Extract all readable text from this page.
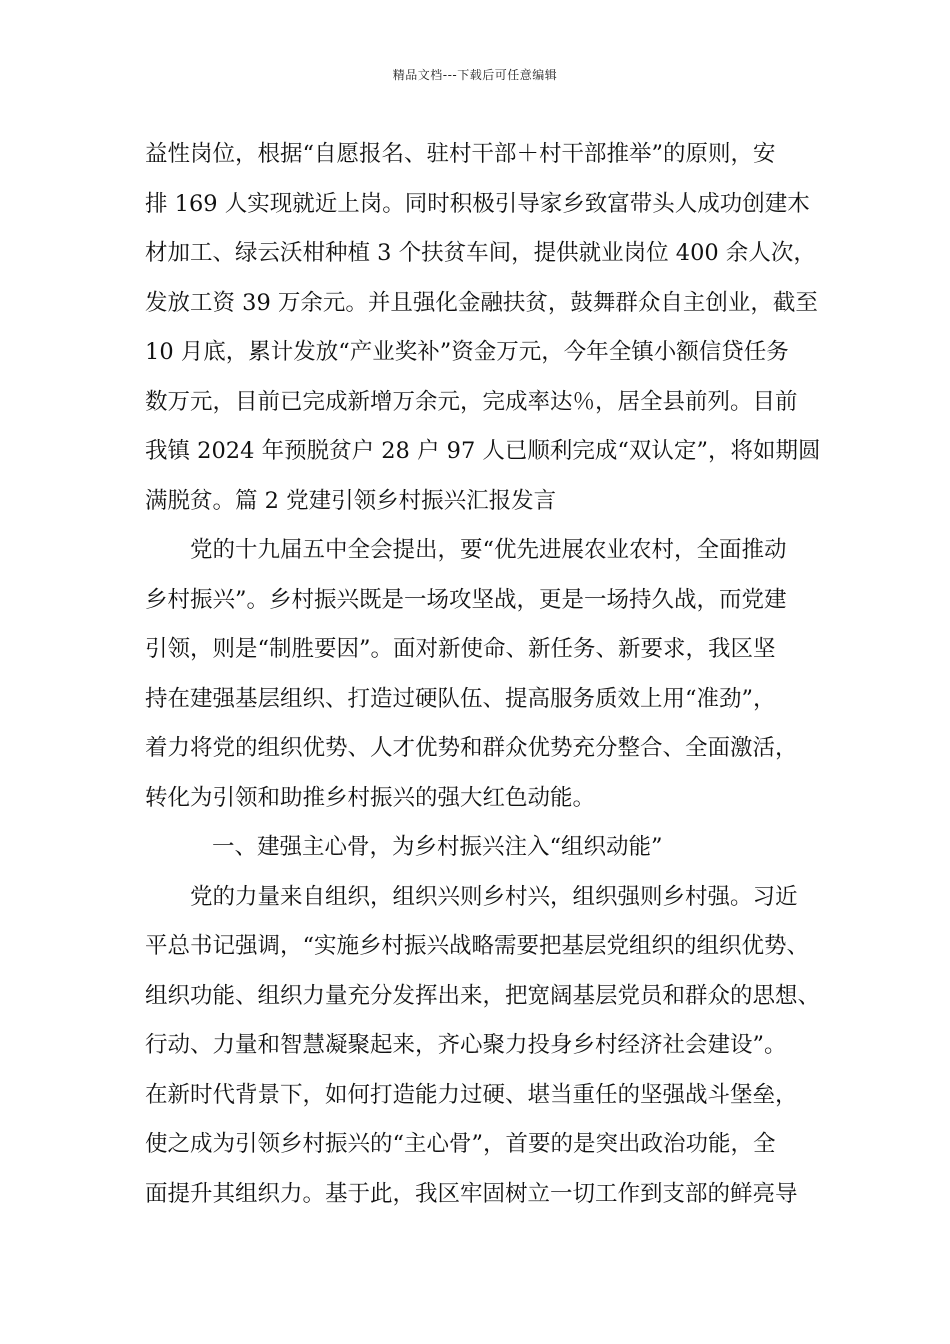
精品文档---下载后可任意编辑
益性岗位，根据“自愿报名、驻村干部＋村干部推举”的原则，安
排 169 人实现就近上岗。同时积极引导家乡致富带头人成功创建木
材加工、绿云沃柑种植 3 个扶贫车间，提供就业岗位 400 余人次，
发放工资 39 万余元。并且强化金融扶贫，鼓舞群众自主创业，截至
10 月底，累计发放“产业奖补”资金万元，今年全镇小额信贷任务
数万元，目前已完成新增万余元，完成率达％，居全县前列。目前
我镇 2024 年预脱贫户 28 户 97 人已顺利完成“双认定”，将如期圆
满脱贫。篇 2 党建引领乡村振兴汇报发言
党的十九届五中全会提出，要“优先进展农业农村，全面推动
乡村振兴”。乡村振兴既是一场攻坚战，更是一场持久战，而党建
引领，则是“制胜要因”。面对新使命、新任务、新要求，我区坚
持在建强基层组织、打造过硬队伍、提高服务质效上用“准劲”，
着力将党的组织优势、人才优势和群众优势充分整合、全面激活，
转化为引领和助推乡村振兴的强大红色动能。
一、建强主心骨，为乡村振兴注入“组织动能”
党的力量来自组织，组织兴则乡村兴，组织强则乡村强。习近
平总书记强调，“实施乡村振兴战略需要把基层党组织的组织优势、
组织功能、组织力量充分发挥出来，把宽阔基层党员和群众的思想、
行动、力量和智慧凝聚起来，齐心聚力投身乡村经济社会建设”。
在新时代背景下，如何打造能力过硬、堪当重任的坚强战斗堡垒，
使之成为引领乡村振兴的“主心骨”，首要的是突出政治功能，全
面提升其组织力。基于此，我区牢固树立一切工作到支部的鲜亮导
